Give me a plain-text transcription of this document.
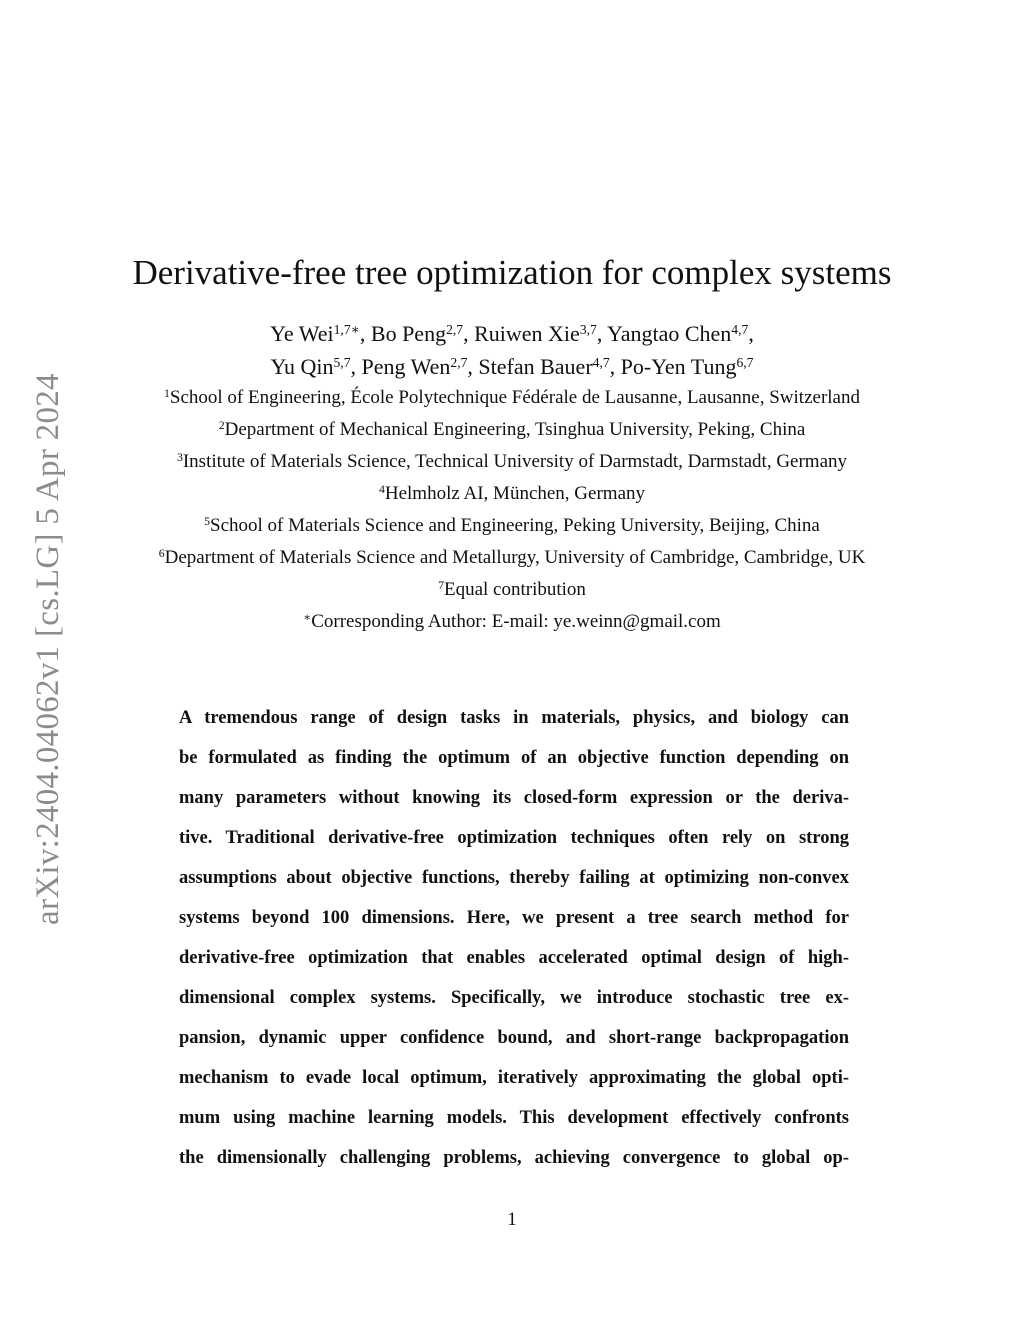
arXiv:2404.04062v1 [cs.LG] 5 Apr 2024
Derivative-free tree optimization for complex systems
Ye Wei$^{1,7∗}$, Bo Peng$^{2,7}$, Ruiwen Xie$^{3,7}$, Yangtao Chen$^{4,7}$,
Yu Qin$^{5,7}$, Peng Wen$^{2,7}$, Stefan Bauer$^{4,7}$, Po-Yen Tung$^{6,7}$
$^1$School of Engineering, École Polytechnique Fédérale de Lausanne, Lausanne, Switzerland
$^2$Department of Mechanical Engineering, Tsinghua University, Peking, China
$^3$Institute of Materials Science, Technical University of Darmstadt, Darmstadt, Germany
$^4$Helmholz AI, München, Germany
$^5$School of Materials Science and Engineering, Peking University, Beijing, China
$^6$Department of Materials Science and Metallurgy, University of Cambridge, Cambridge, UK
$^7$Equal contribution
∗Corresponding Author: E-mail: ye.weinn@gmail.com
A tremendous range of design tasks in materials, physics, and biology can
be formulated as finding the optimum of an objective function depending on
many parameters without knowing its closed-form expression or the deriva-
tive. Traditional derivative-free optimization techniques often rely on strong
assumptions about objective functions, thereby failing at optimizing non-convex
systems beyond 100 dimensions. Here, we present a tree search method for
derivative-free optimization that enables accelerated optimal design of high-
dimensional complex systems. Specifically, we introduce stochastic tree ex-
pansion, dynamic upper confidence bound, and short-range backpropagation
mechanism to evade local optimum, iteratively approximating the global opti-
mum using machine learning models. This development effectively confronts
the dimensionally challenging problems, achieving convergence to global op-
1
